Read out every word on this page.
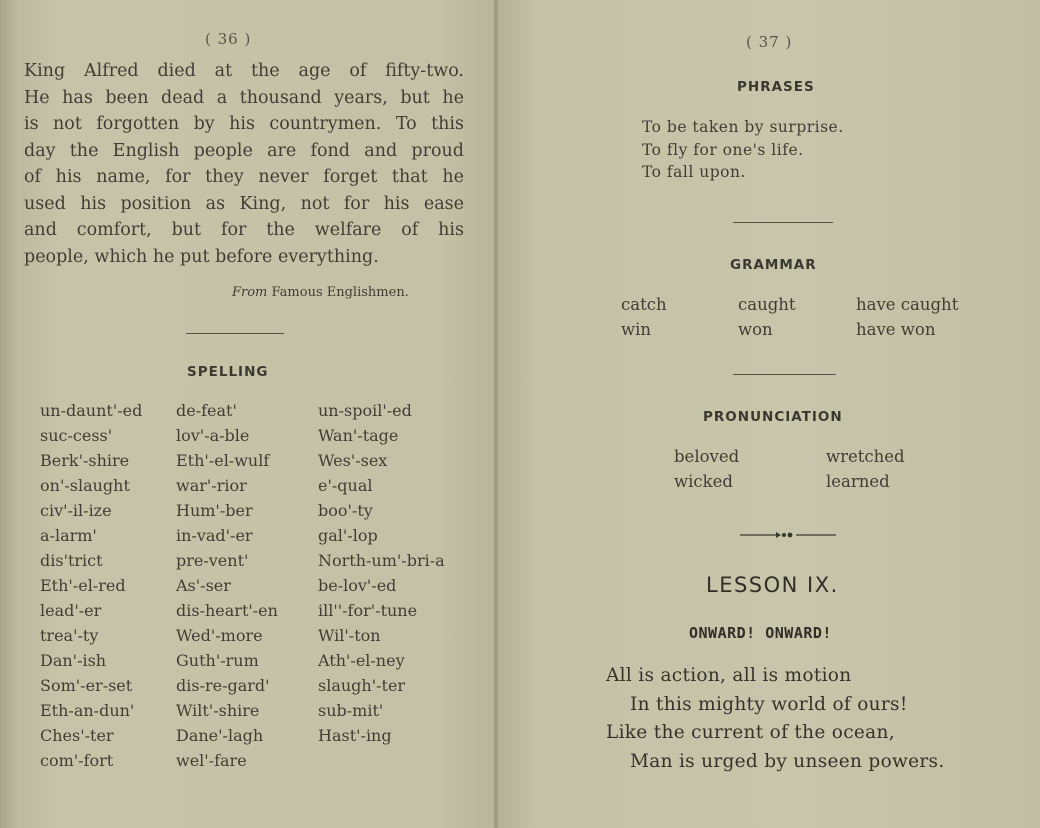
( 36 )
King Alfred died at the age of fifty-two.
He has been dead a thousand years, but he
is not forgotten by his countrymen. To this
day the English people are fond and proud
of his name, for they never forget that he
used his position as King, not for his ease
and comfort, but for the welfare of his
people, which he put before everything.
From Famous Englishmen.
SPELLING
un-daunt'-ed
suc-cess'
Berk'-shire
on'-slaught
civ'-il-ize
a-larm'
dis'trict
Eth'-el-red
lead'-er
trea'-ty
Dan'-ish
Som'-er-set
Eth-an-dun'
Ches'-ter
com'-fort
de-feat'
lov'-a-ble
Eth'-el-wulf
war'-rior
Hum'-ber
in-vad'-er
pre-vent'
As'-ser
dis-heart'-en
Wed'-more
Guth'-rum
dis-re-gard'
Wilt'-shire
Dane'-lagh
wel'-fare
un-spoil'-ed
Wan'-tage
Wes'-sex
e'-qual
boo'-ty
gal'-lop
North-um'-bri-a
be-lov'-ed
ill''-for'-tune
Wil'-ton
Ath'-el-ney
slaugh'-ter
sub-mit'
Hast'-ing
( 37 )
PHRASES
To be taken by surprise.
To fly for one's life.
To fall upon.
GRAMMAR
catch
win
caught
won
have caught
have won
PRONUNCIATION
beloved
wicked
wretched
learned
LESSON IX.
ONWARD! ONWARD!
All is action, all is motion
In this mighty world of ours!
Like the current of the ocean,
Man is urged by unseen powers.
